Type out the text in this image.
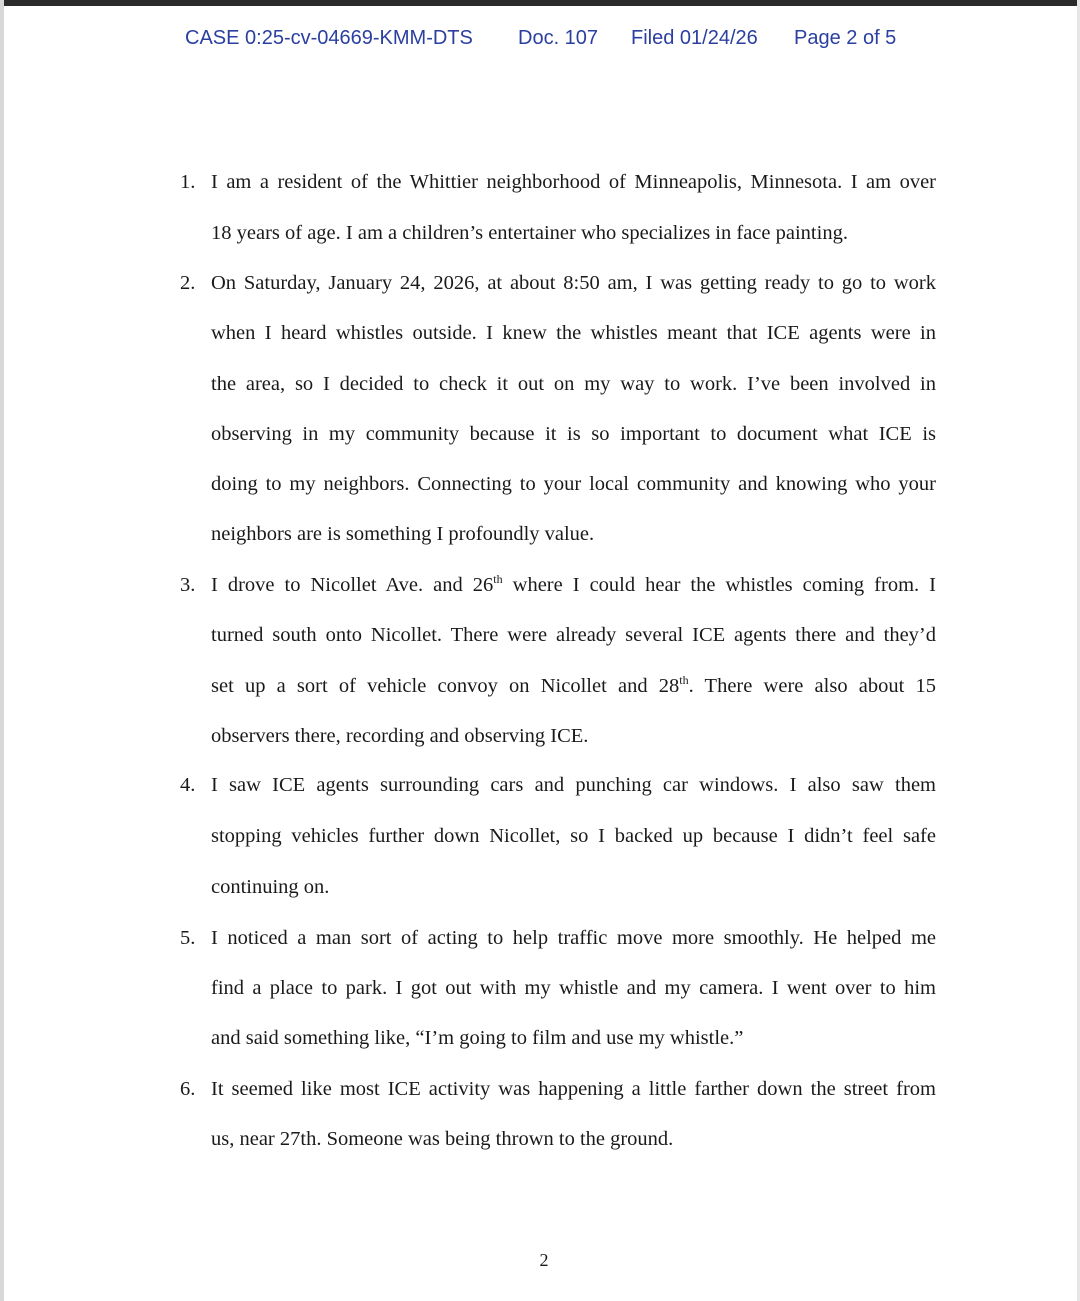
CASE 0:25-cv-04669-KMM-DTS Doc. 107 Filed 01/24/26 Page 2 of 5
1. I am a resident of the Whittier neighborhood of Minneapolis, Minnesota. I am over
18 years of age. I am a children’s entertainer who specializes in face painting.
2. On Saturday, January 24, 2026, at about 8:50 am, I was getting ready to go to work
when I heard whistles outside. I knew the whistles meant that ICE agents were in
the area, so I decided to check it out on my way to work. I’ve been involved in
observing in my community because it is so important to document what ICE is
doing to my neighbors. Connecting to your local community and knowing who your
neighbors are is something I profoundly value.
3. I drove to Nicollet Ave. and 26th where I could hear the whistles coming from. I
turned south onto Nicollet. There were already several ICE agents there and they’d
set up a sort of vehicle convoy on Nicollet and 28th. There were also about 15
observers there, recording and observing ICE.
4. I saw ICE agents surrounding cars and punching car windows. I also saw them
stopping vehicles further down Nicollet, so I backed up because I didn’t feel safe
continuing on.
5. I noticed a man sort of acting to help traffic move more smoothly. He helped me
find a place to park. I got out with my whistle and my camera. I went over to him
and said something like, “I’m going to film and use my whistle.”
6. It seemed like most ICE activity was happening a little farther down the street from
us, near 27th. Someone was being thrown to the ground.
2
